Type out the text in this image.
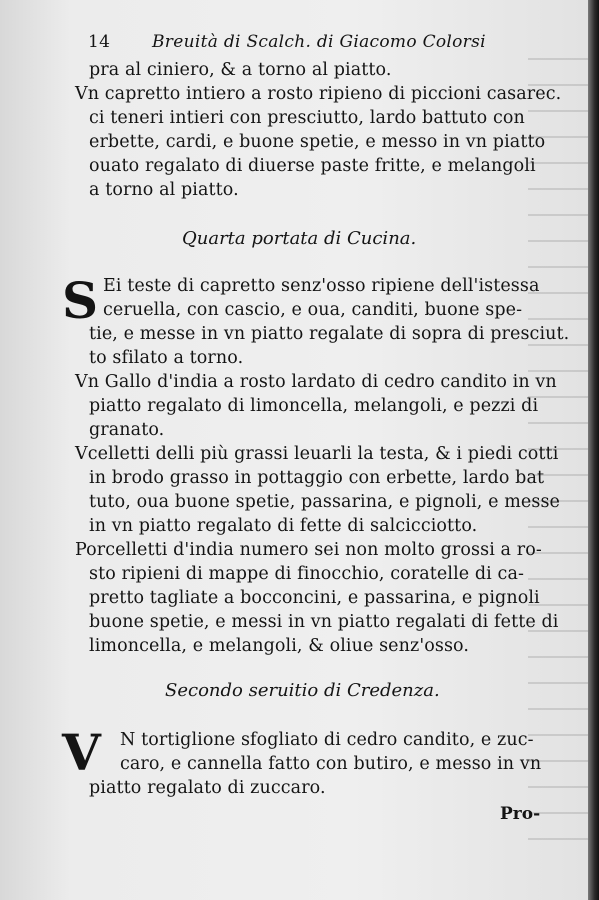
14 Breuità di Scalch. di Giacomo Colorsi
pra al ciniero, & a torno al piatto.
Vn capretto intiero a rosto ripieno di piccioni casarec.
ci teneri intieri con presciutto, lardo battuto con
erbette, cardi, e buone spetie, e messo in vn piatto
ouato regalato di diuerse paste fritte, e melangoli
a torno al piatto.
Quarta portata di Cucina.
S Ei teste di capretto senz'osso ripiene dell'istessa
ceruella, con cascio, e oua, canditi, buone spe-
tie, e messe in vn piatto regalate di sopra di presciut.
to sfilato a torno.
Vn Gallo d'india a rosto lardato di cedro candito in vn
piatto regalato di limoncella, melangoli, e pezzi di
granato.
Vcelletti delli più grassi leuarli la testa, & i piedi cotti
in brodo grasso in pottaggio con erbette, lardo bat
tuto, oua buone spetie, passarina, e pignoli, e messe
in vn piatto regalato di fette di salcicciotto.
Porcelletti d'india numero sei non molto grossi a ro-
sto ripieni di mappe di finocchio, coratelle di ca-
pretto tagliate a bocconcini, e passarina, e pignoli
buone spetie, e messi in vn piatto regalati di fette di
limoncella, e melangoli, & oliue senz'osso.
Secondo seruitio di Credenza.
V N tortiglione sfogliato di cedro candito, e zuc-
caro, e cannella fatto con butiro, e messo in vn
piatto regalato di zuccaro.
Pro-
